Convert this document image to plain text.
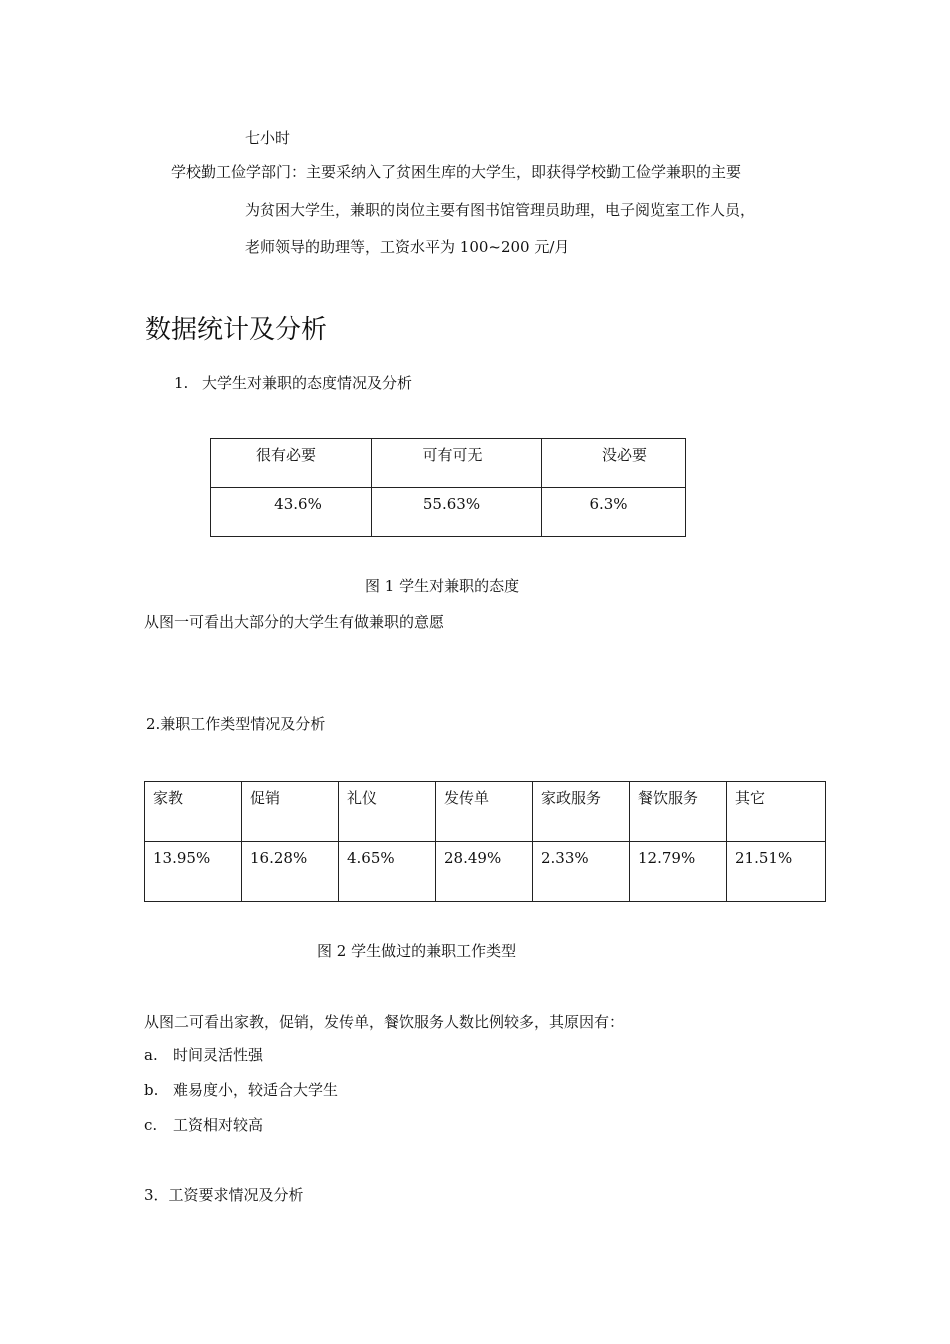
七小时
学校勤工俭学部门：主要采纳入了贫困生库的大学生，即获得学校勤工俭学兼职的主要
为贫困大学生，兼职的岗位主要有图书馆管理员助理，电子阅览室工作人员，
老师领导的助理等，工资水平为 100~200 元/月
数据统计及分析
1. 大学生对兼职的态度情况及分析
很有必要	可有可无	没必要
43.6%	55.63%	6.3%
图 1 学生对兼职的态度
从图一可看出大部分的大学生有做兼职的意愿
2.兼职工作类型情况及分析
家教	促销	礼仪	发传单	家政服务	餐饮服务	其它
13.95%	16.28%	4.65%	28.49%	2.33%	12.79%	21.51%
图 2 学生做过的兼职工作类型
从图二可看出家教，促销，发传单，餐饮服务人数比例较多，其原因有：
a. 时间灵活性强
b. 难易度小，较适合大学生
c. 工资相对较高
3．工资要求情况及分析
